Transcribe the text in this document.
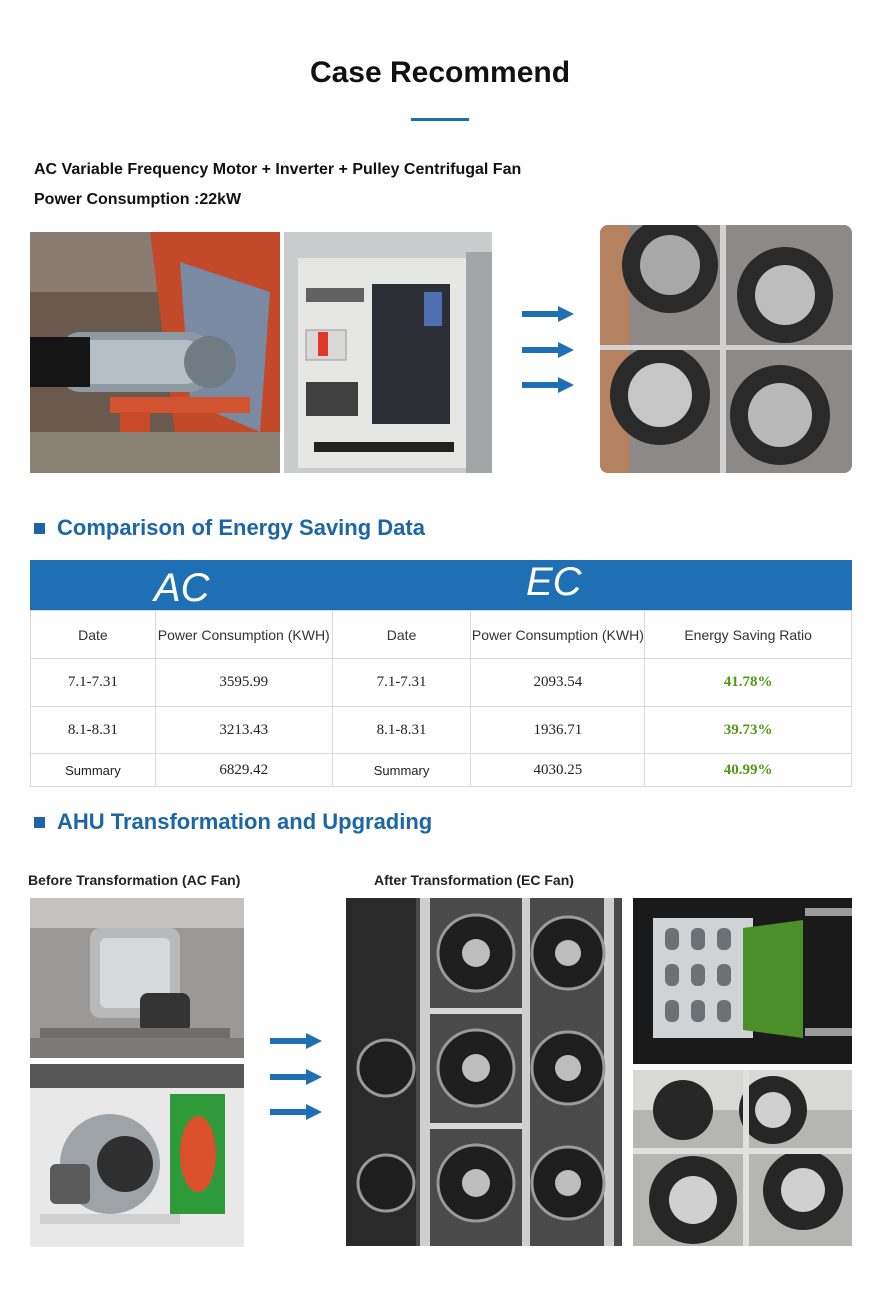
Case Recommend
AC Variable Frequency Motor + Inverter + Pulley Centrifugal Fan
Power Consumption :22kW
Comparison of Energy Saving Data
AC	EC
Date	Power Consumption (KWH)	Date	Power Consumption (KWH)	Energy Saving Ratio
7.1-7.31	3595.99	7.1-7.31	2093.54	41.78%
8.1-8.31	3213.43	8.1-8.31	1936.71	39.73%
Summary	6829.42	Summary	4030.25	40.99%
AHU Transformation and Upgrading
Before Transformation (AC Fan)	After Transformation (EC Fan)
